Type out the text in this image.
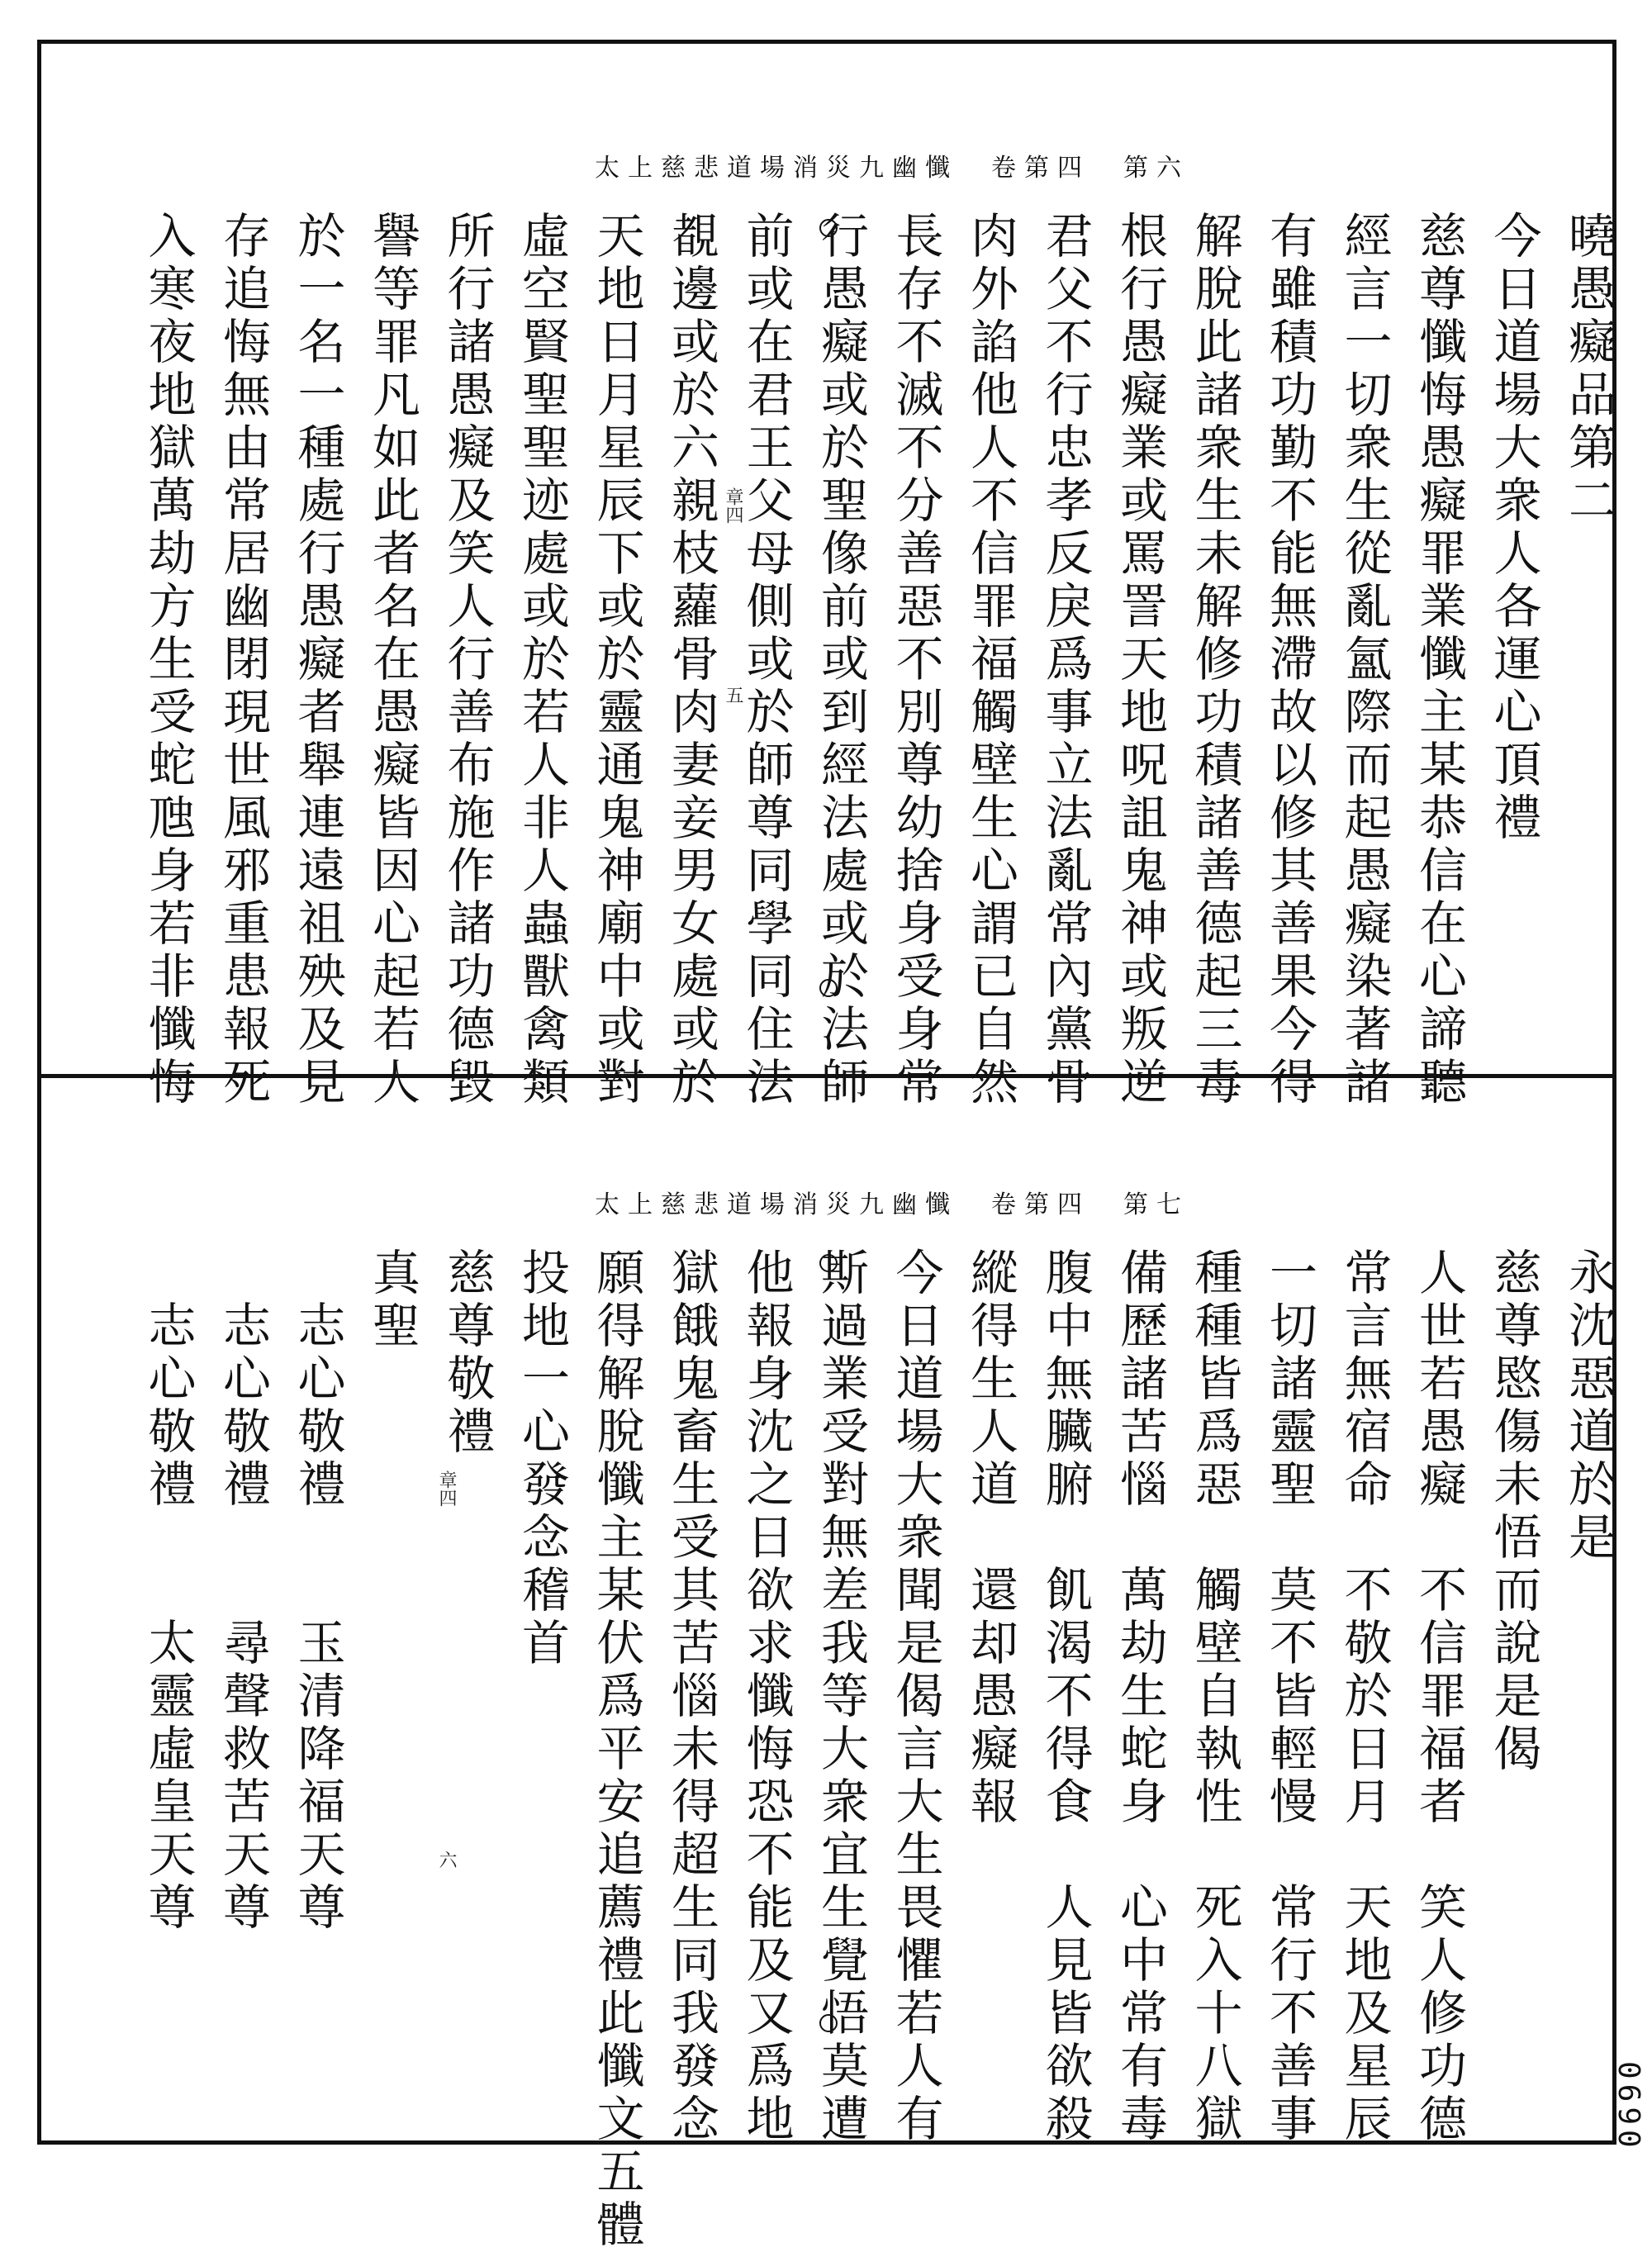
太上慈悲道場消災九幽懺　卷第四　第六
曉愚癡品第二
今日道場大衆人各運心頂禮
慈尊懺悔愚癡罪業懺主某恭信在心諦聽
經言一切衆生從亂氳際而起愚癡染著諸
有雖積功勤不能無滯故以修其善果今得
解脫此諸衆生未解修功積諸善德起三毒
根行愚癡業或罵詈天地呪詛鬼神或叛逆
君父不行忠孝反戾爲事立法亂常內黨骨
肉外諂他人不信罪福觸壁生心謂已自然
長存不滅不分善惡不別尊幼捨身受身常
行愚癡或於聖像前或到經法處或於法師
前或在君王父母側或於師尊同學同住法
覩邊或於六親枝蘿骨肉妻妾男女處或於
天地日月星辰下或於靈通鬼神廟中或對
虛空賢聖聖迹處或於若人非人蟲獸禽類
所行諸愚癡及笑人行善布施作諸功德毀
譽等罪凡如此者名在愚癡皆因心起若人
於一名一種處行愚癡者舉連遠祖殃及見
存追悔無由常居幽閉現世風邪重患報死
入寒夜地獄萬劫方生受蛇虺身若非懺悔	章四
五
太上慈悲道場消災九幽懺　卷第四　第七
永沈惡道於是
慈尊愍傷未悟而說是偈
人世若愚癡　不信罪福者　笑人修功德
常言無宿命　不敬於日月　天地及星辰
一切諸靈聖　莫不皆輕慢　常行不善事
種種皆爲惡　觸壁自執性　死入十八獄
備歷諸苦惱　萬劫生蛇身　心中常有毒
腹中無臟腑　飢渴不得食　人見皆欲殺
縱得生人道　還却愚癡報
今日道場大衆聞是偈言大生畏懼若人有
斯過業受對無差我等大衆宜生覺悟莫遭
他報身沈之日欲求懺悔恐不能及又爲地
獄餓鬼畜生受其苦惱未得超生同我發念
願得解脫懺主某伏爲平安追薦禮此懺文五體
投地一心發念稽首
慈尊敬禮
真聖
　志心敬禮　　玉清降福天尊
　志心敬禮　　尋聲救苦天尊
　志心敬禮　　太靈虛皇天尊	章四
六
0690
